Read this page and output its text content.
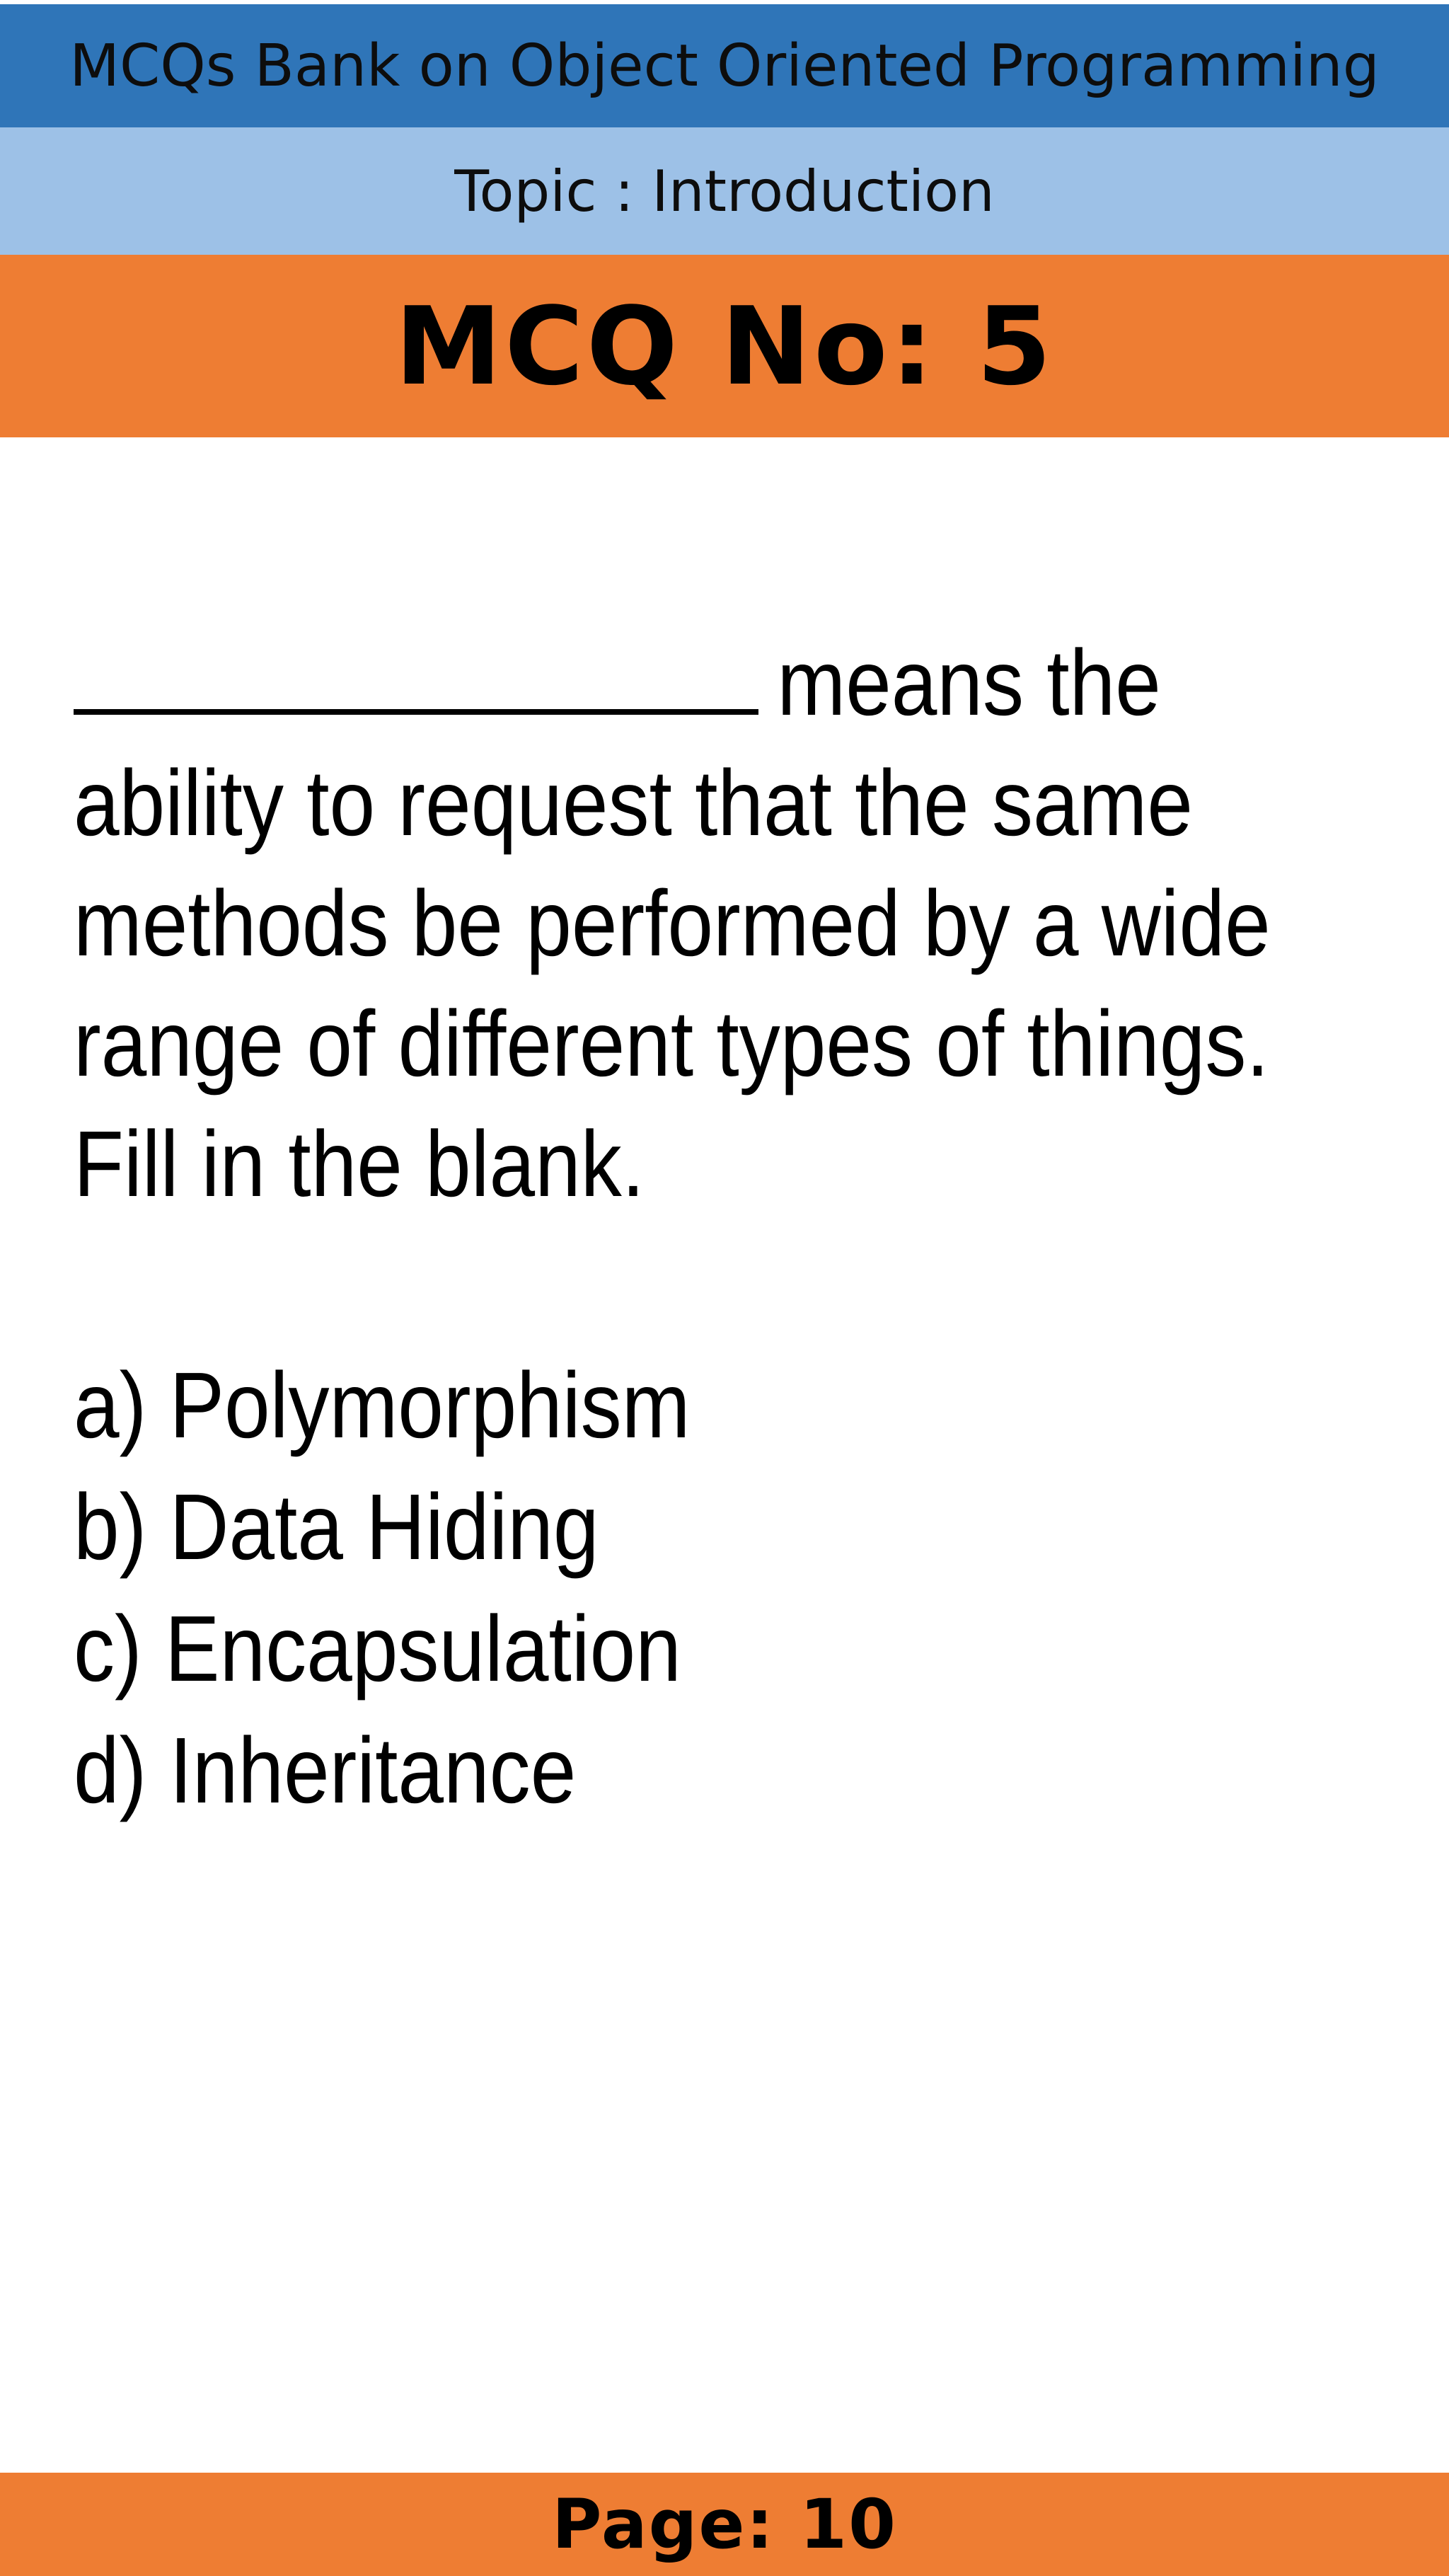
MCQs Bank on Object Oriented Programming
Topic : Introduction
MCQ No: 5
means the
ability to request that the same
methods be performed by a wide
range of different types of things.
Fill in the blank.
a) Polymorphism
b) Data Hiding
c) Encapsulation
d) Inheritance
Page: 10
